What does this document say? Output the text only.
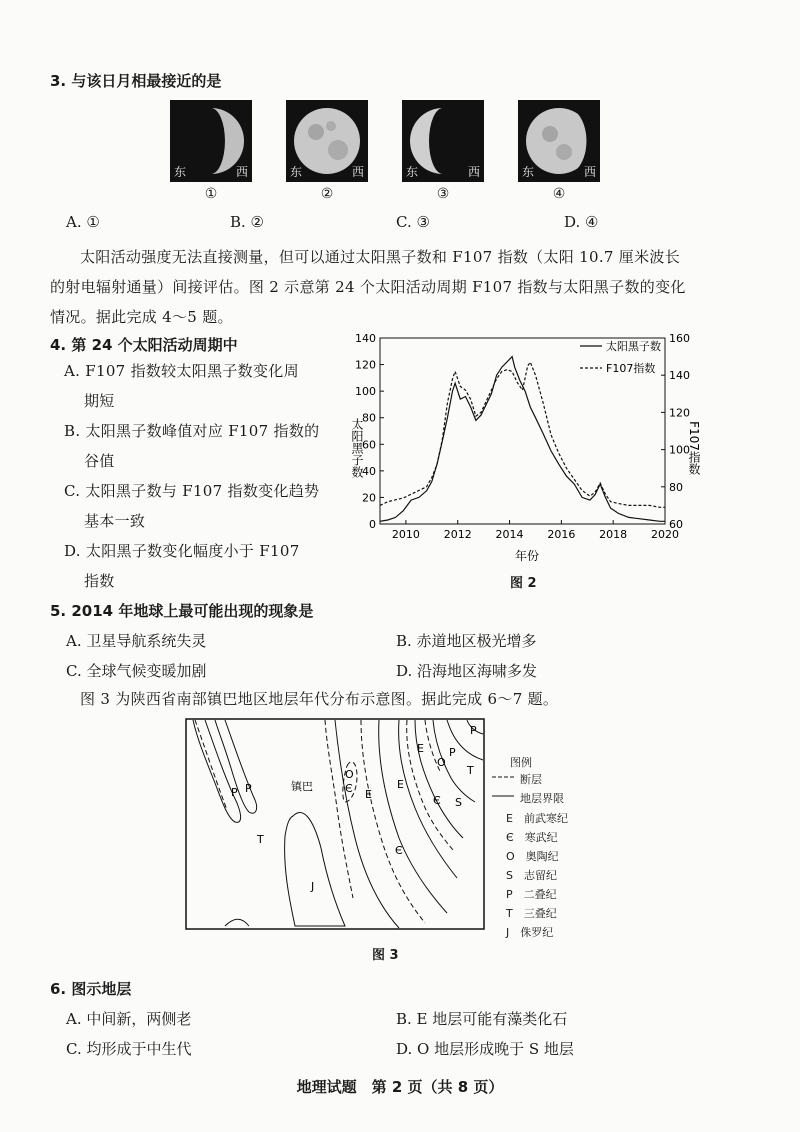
3. 与该日月相最接近的是
东	西	东	西	东	西	东	西
①	②	③	④
A. ①	B. ②	C. ③	D. ④
太阳活动强度无法直接测量，但可以通过太阳黑子数和 F107 指数（太阳 10.7 厘米波长
的射电辐射通量）间接评估。图 2 示意第 24 个太阳活动周期 F107 指数与太阳黑子数的变化
情况。据此完成 4～5 题。
4. 第 24 个太阳活动周期中
A. F107 指数较太阳黑子数变化周
期短
B. 太阳黑子数峰值对应 F107 指数的
谷值
C. 太阳黑子数与 F107 指数变化趋势
基本一致
D. 太阳黑子数变化幅度小于 F107
指数
2010 2012 2014 2016 2018 2020
0
20
40
60
80
100
120
140
60
80
100
120
140
160
太阳黑子数	F107指数
年份
太阳黑子数
F107指数
图 2
5. 2014 年地球上最可能出现的现象是
A. 卫星导航系统失灵	B. 赤道地区极光增多
C. 全球气候变暖加剧	D. 沿海地区海啸多发
图 3 为陕西省南部镇巴地区地层年代分布示意图。据此完成 6～7 题。
P P
T
镇巴
J
E
E
E
O
Є
Є
Є
O
P
S
T
P
图例
断层
地层界限
E　 前武寒纪
Є　 寒武纪
O　 奥陶纪
S　 志留纪
P　 二叠纪
T　 三叠纪
J　 侏罗纪
图 3
6. 图示地层
A. 中间新，两侧老	B. E 地层可能有藻类化石
C. 均形成于中生代	D. O 地层形成晚于 S 地层
地理试题　第 2 页（共 8 页）
